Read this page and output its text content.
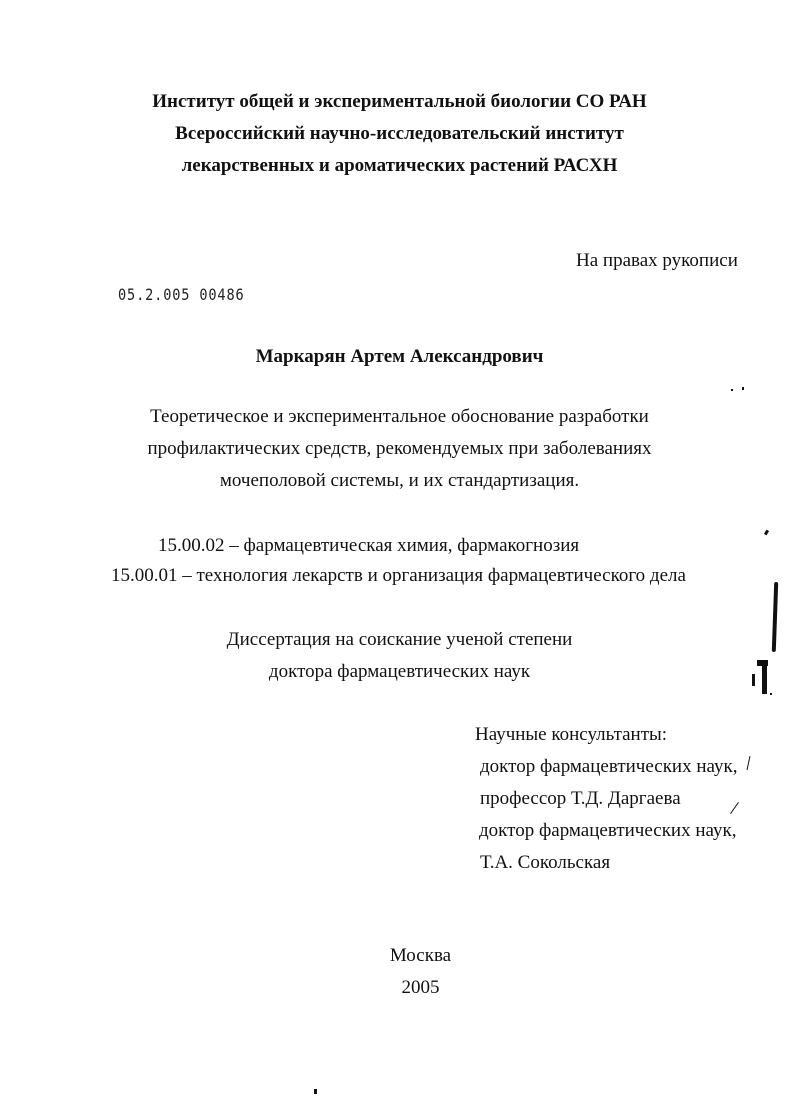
Институт общей и экспериментальной биологии СО РАН
Всероссийский научно-исследовательский институт
лекарственных и ароматических растений РАСХН
На правах рукописи
05.2.005 00486
Маркарян Артем Александрович
Теоретическое и экспериментальное обоснование разработки
профилактических средств, рекомендуемых при заболеваниях
мочеполовой системы, и их стандартизация.
15.00.02 – фармацевтическая химия, фармакогнозия
15.00.01 – технология лекарств и организация фармацевтического дела
Диссертация на соискание ученой степени
доктора фармацевтических наук
Научные консультанты:
доктор фармацевтических наук,
профессор Т.Д. Даргаева
доктор фармацевтических наук,
Т.А. Сокольская
Москва
2005
